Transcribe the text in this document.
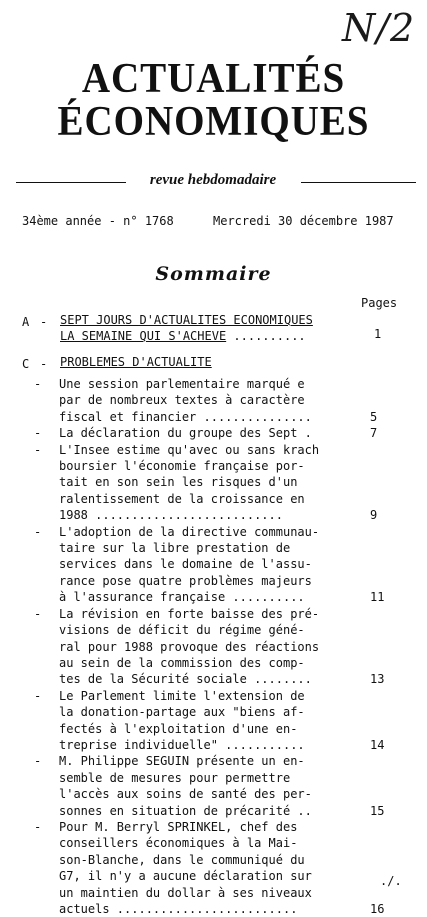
N/2
ACTUALITÉS
ÉCONOMIQUES
revue hebdomadaire
34ème année - n° 1768	Mercredi 30 décembre 1987
Sommaire
Pages
A - SEPT JOURS D'ACTUALITES ECONOMIQUES
LA SEMAINE QUI S'ACHEVE ..........	1
C - PROBLEMES D'ACTUALITE
- Une session parlementaire marqué e
par de nombreux textes à caractère
fiscal et financier ...............	5
- La déclaration du groupe des Sept .	7
- L'Insee estime qu'avec ou sans krach
boursier l'économie française por-
tait en son sein les risques d'un
ralentissement de la croissance en
1988 ..........................	9
- L'adoption de la directive communau-
taire sur la libre prestation de
services dans le domaine de l'assu-
rance pose quatre problèmes majeurs
à l'assurance française ..........	11
- La révision en forte baisse des pré-
visions de déficit du régime géné-
ral pour 1988 provoque des réactions
au sein de la commission des comp-
tes de la Sécurité sociale ........	13
- Le Parlement limite l'extension de
la donation-partage aux "biens af-
fectés à l'exploitation d'une en-
treprise individuelle" ...........	14
- M. Philippe SEGUIN présente un en-
semble de mesures pour permettre
l'accès aux soins de santé des per-
sonnes en situation de précarité ..	15
- Pour M. Berryl SPRINKEL, chef des
conseillers économiques à la Mai-
son-Blanche, dans le communiqué du
G7, il n'y a aucune déclaration sur
un maintien du dollar à ses niveaux
actuels .........................	16
./.
